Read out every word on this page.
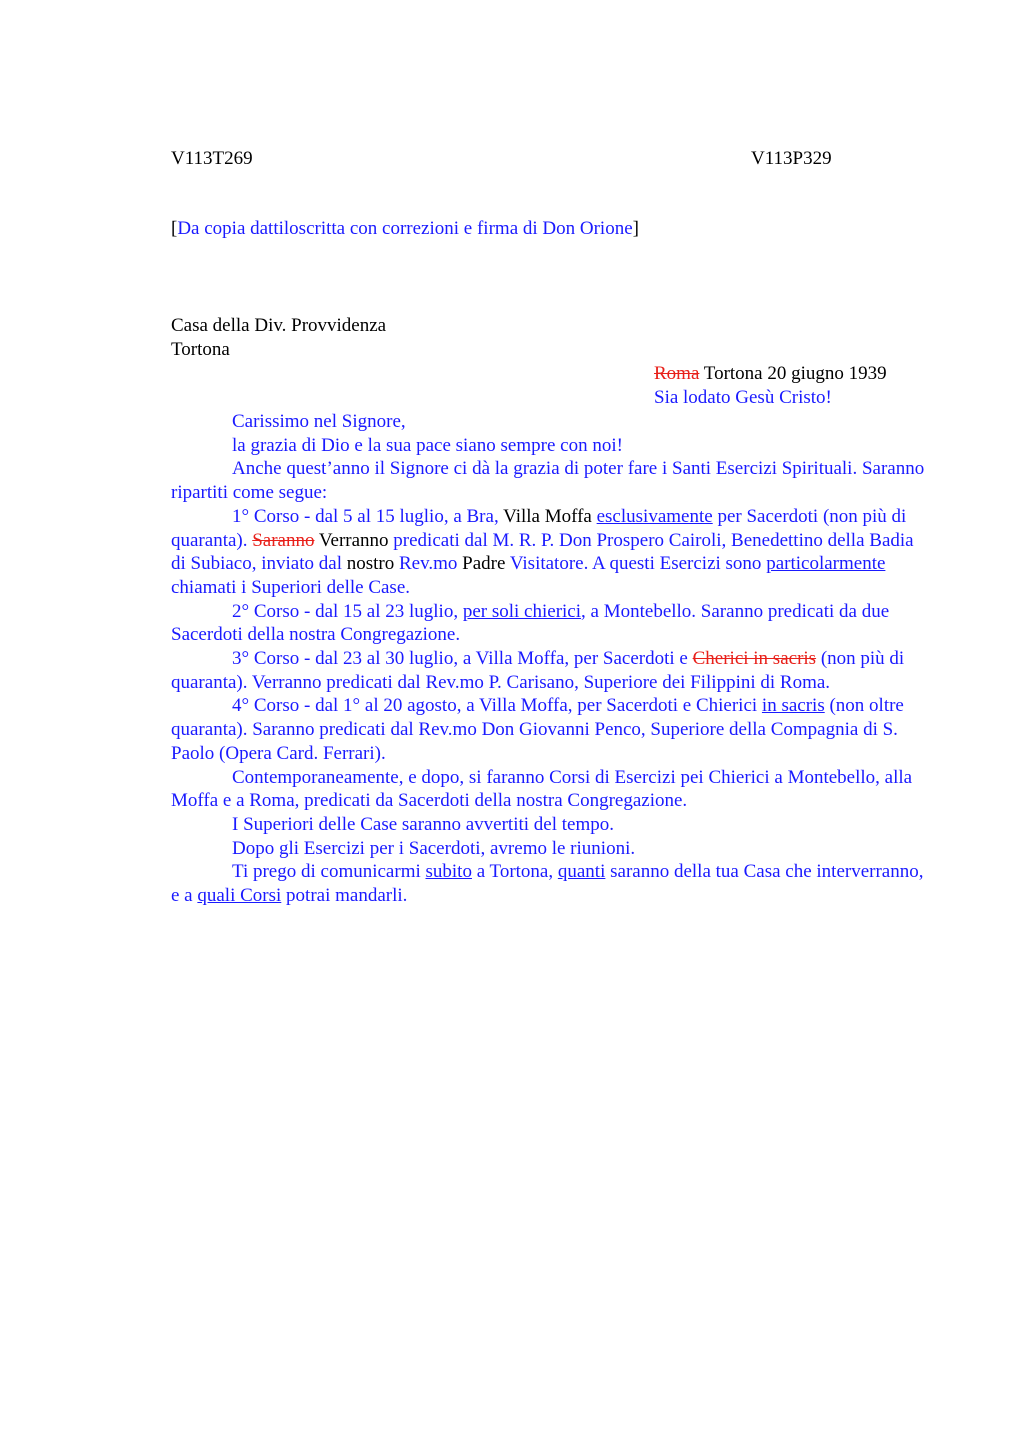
V113T269	V113P329
[Da copia dattiloscritta con correzioni e firma di Don Orione]
Casa della Div. Provvidenza
Tortona
Roma Tortona 20 giugno 1939
Sia lodato Gesù Cristo!

Carissimo nel Signore,

la grazia di Dio e la sua pace siano sempre con noi!

Anche quest’anno il Signore ci dà la grazia di poter fare i Santi Esercizi Spirituali. Saranno ripartiti come segue:

1° Corso - dal 5 al 15 luglio, a Bra, Villa Moffa esclusivamente per Sacerdoti (non più di quaranta). Saranno Verranno predicati dal M. R. P. Don Prospero Cairoli, Benedettino della Badia di Subiaco, inviato dal nostro Rev.mo Padre Visitatore. A questi Esercizi sono particolarmente chiamati i Superiori delle Case.

2° Corso - dal 15 al 23 luglio, per soli chierici, a Montebello. Saranno predicati da due Sacerdoti della nostra Congregazione.

3° Corso - dal 23 al 30 luglio, a Villa Moffa, per Sacerdoti e Cherici in sacris (non più di quaranta). Verranno predicati dal Rev.mo P. Carisano, Superiore dei Filippini di Roma.

4° Corso - dal 1° al 20 agosto, a Villa Moffa, per Sacerdoti e Chierici in sacris (non oltre quaranta). Saranno predicati dal Rev.mo Don Giovanni Penco, Superiore della Compagnia di S. Paolo (Opera Card. Ferrari).

Contemporaneamente, e dopo, si faranno Corsi di Esercizi pei Chierici a Montebello, alla Moffa e a Roma, predicati da Sacerdoti della nostra Congregazione.

I Superiori delle Case saranno avvertiti del tempo.

Dopo gli Esercizi per i Sacerdoti, avremo le riunioni.

Ti prego di comunicarmi subito a Tortona, quanti saranno della tua Casa che interverranno, e a quali Corsi potrai mandarli.
